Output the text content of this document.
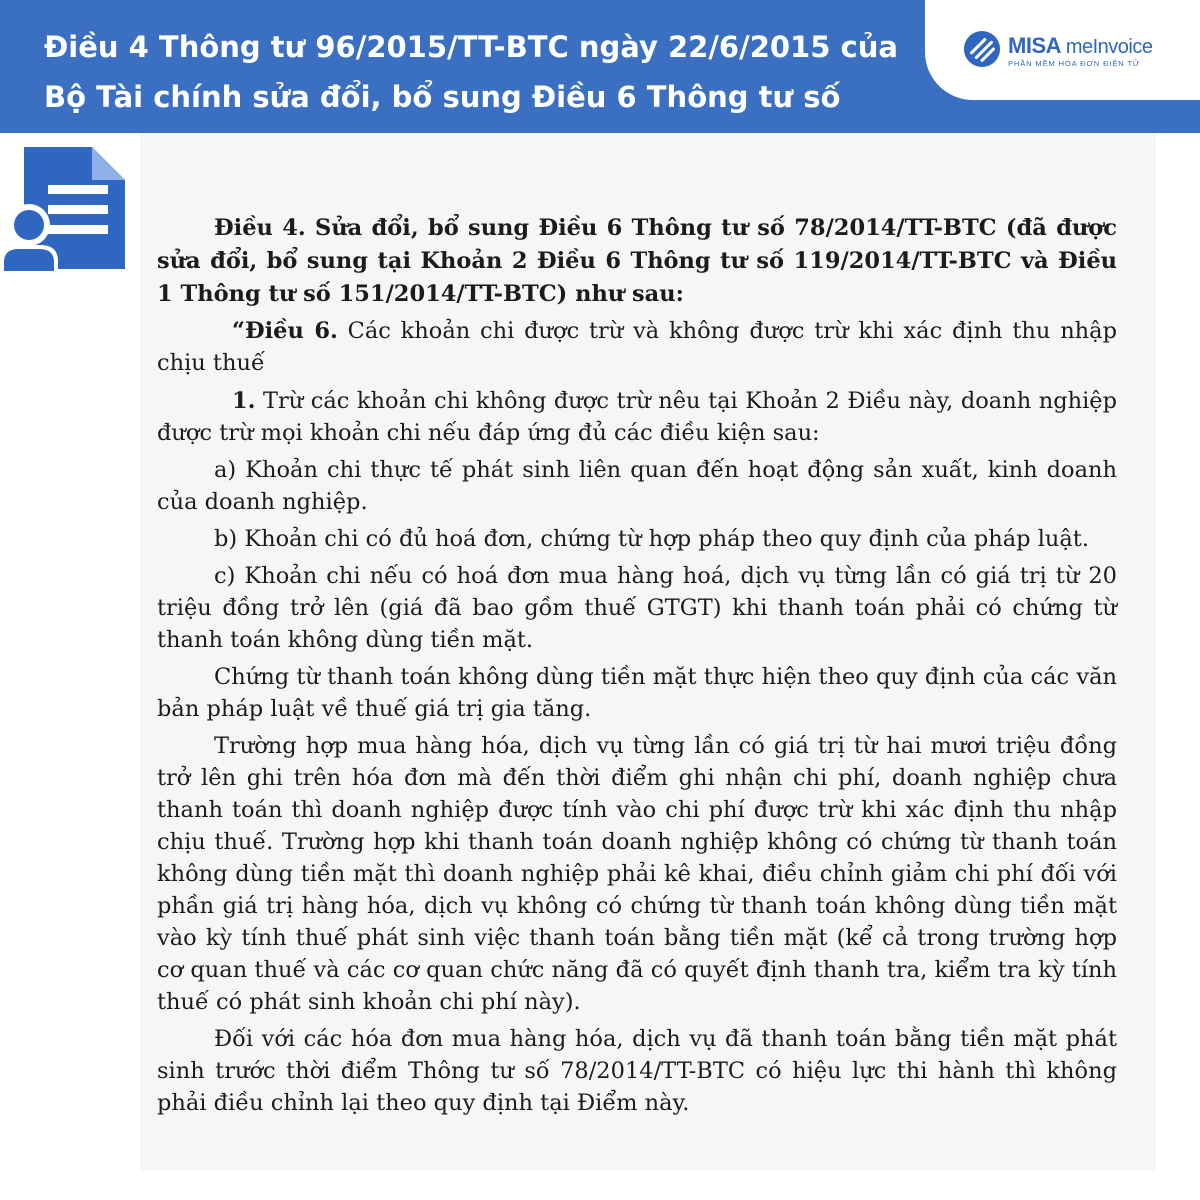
Điều 4 Thông tư 96/2015/TT-BTC ngày 22/6/2015 của Bộ Tài chính sửa đổi, bổ sung Điều 6 Thông tư số
MISA meInvoice
PHẦN MỀM HÓA ĐƠN ĐIỆN TỬ

Điều 4. Sửa đổi, bổ sung Điều 6 Thông tư số 78/2014/TT-BTC (đã được sửa đổi, bổ sung tại Khoản 2 Điều 6 Thông tư số 119/2014/TT-BTC và Điều 1 Thông tư số 151/2014/TT-BTC) như sau:

“Điều 6. Các khoản chi được trừ và không được trừ khi xác định thu nhập chịu thuế

1. Trừ các khoản chi không được trừ nêu tại Khoản 2 Điều này, doanh nghiệp được trừ mọi khoản chi nếu đáp ứng đủ các điều kiện sau:

a) Khoản chi thực tế phát sinh liên quan đến hoạt động sản xuất, kinh doanh của doanh nghiệp.

b) Khoản chi có đủ hoá đơn, chứng từ hợp pháp theo quy định của pháp luật.

c) Khoản chi nếu có hoá đơn mua hàng hoá, dịch vụ từng lần có giá trị từ 20 triệu đồng trở lên (giá đã bao gồm thuế GTGT) khi thanh toán phải có chứng từ thanh toán không dùng tiền mặt.

Chứng từ thanh toán không dùng tiền mặt thực hiện theo quy định của các văn bản pháp luật về thuế giá trị gia tăng.

Trường hợp mua hàng hóa, dịch vụ từng lần có giá trị từ hai mươi triệu đồng trở lên ghi trên hóa đơn mà đến thời điểm ghi nhận chi phí, doanh nghiệp chưa thanh toán thì doanh nghiệp được tính vào chi phí được trừ khi xác định thu nhập chịu thuế. Trường hợp khi thanh toán doanh nghiệp không có chứng từ thanh toán không dùng tiền mặt thì doanh nghiệp phải kê khai, điều chỉnh giảm chi phí đối với phần giá trị hàng hóa, dịch vụ không có chứng từ thanh toán không dùng tiền mặt vào kỳ tính thuế phát sinh việc thanh toán bằng tiền mặt (kể cả trong trường hợp cơ quan thuế và các cơ quan chức năng đã có quyết định thanh tra, kiểm tra kỳ tính thuế có phát sinh khoản chi phí này).

Đối với các hóa đơn mua hàng hóa, dịch vụ đã thanh toán bằng tiền mặt phát sinh trước thời điểm Thông tư số 78/2014/TT-BTC có hiệu lực thi hành thì không phải điều chỉnh lại theo quy định tại Điểm này.
